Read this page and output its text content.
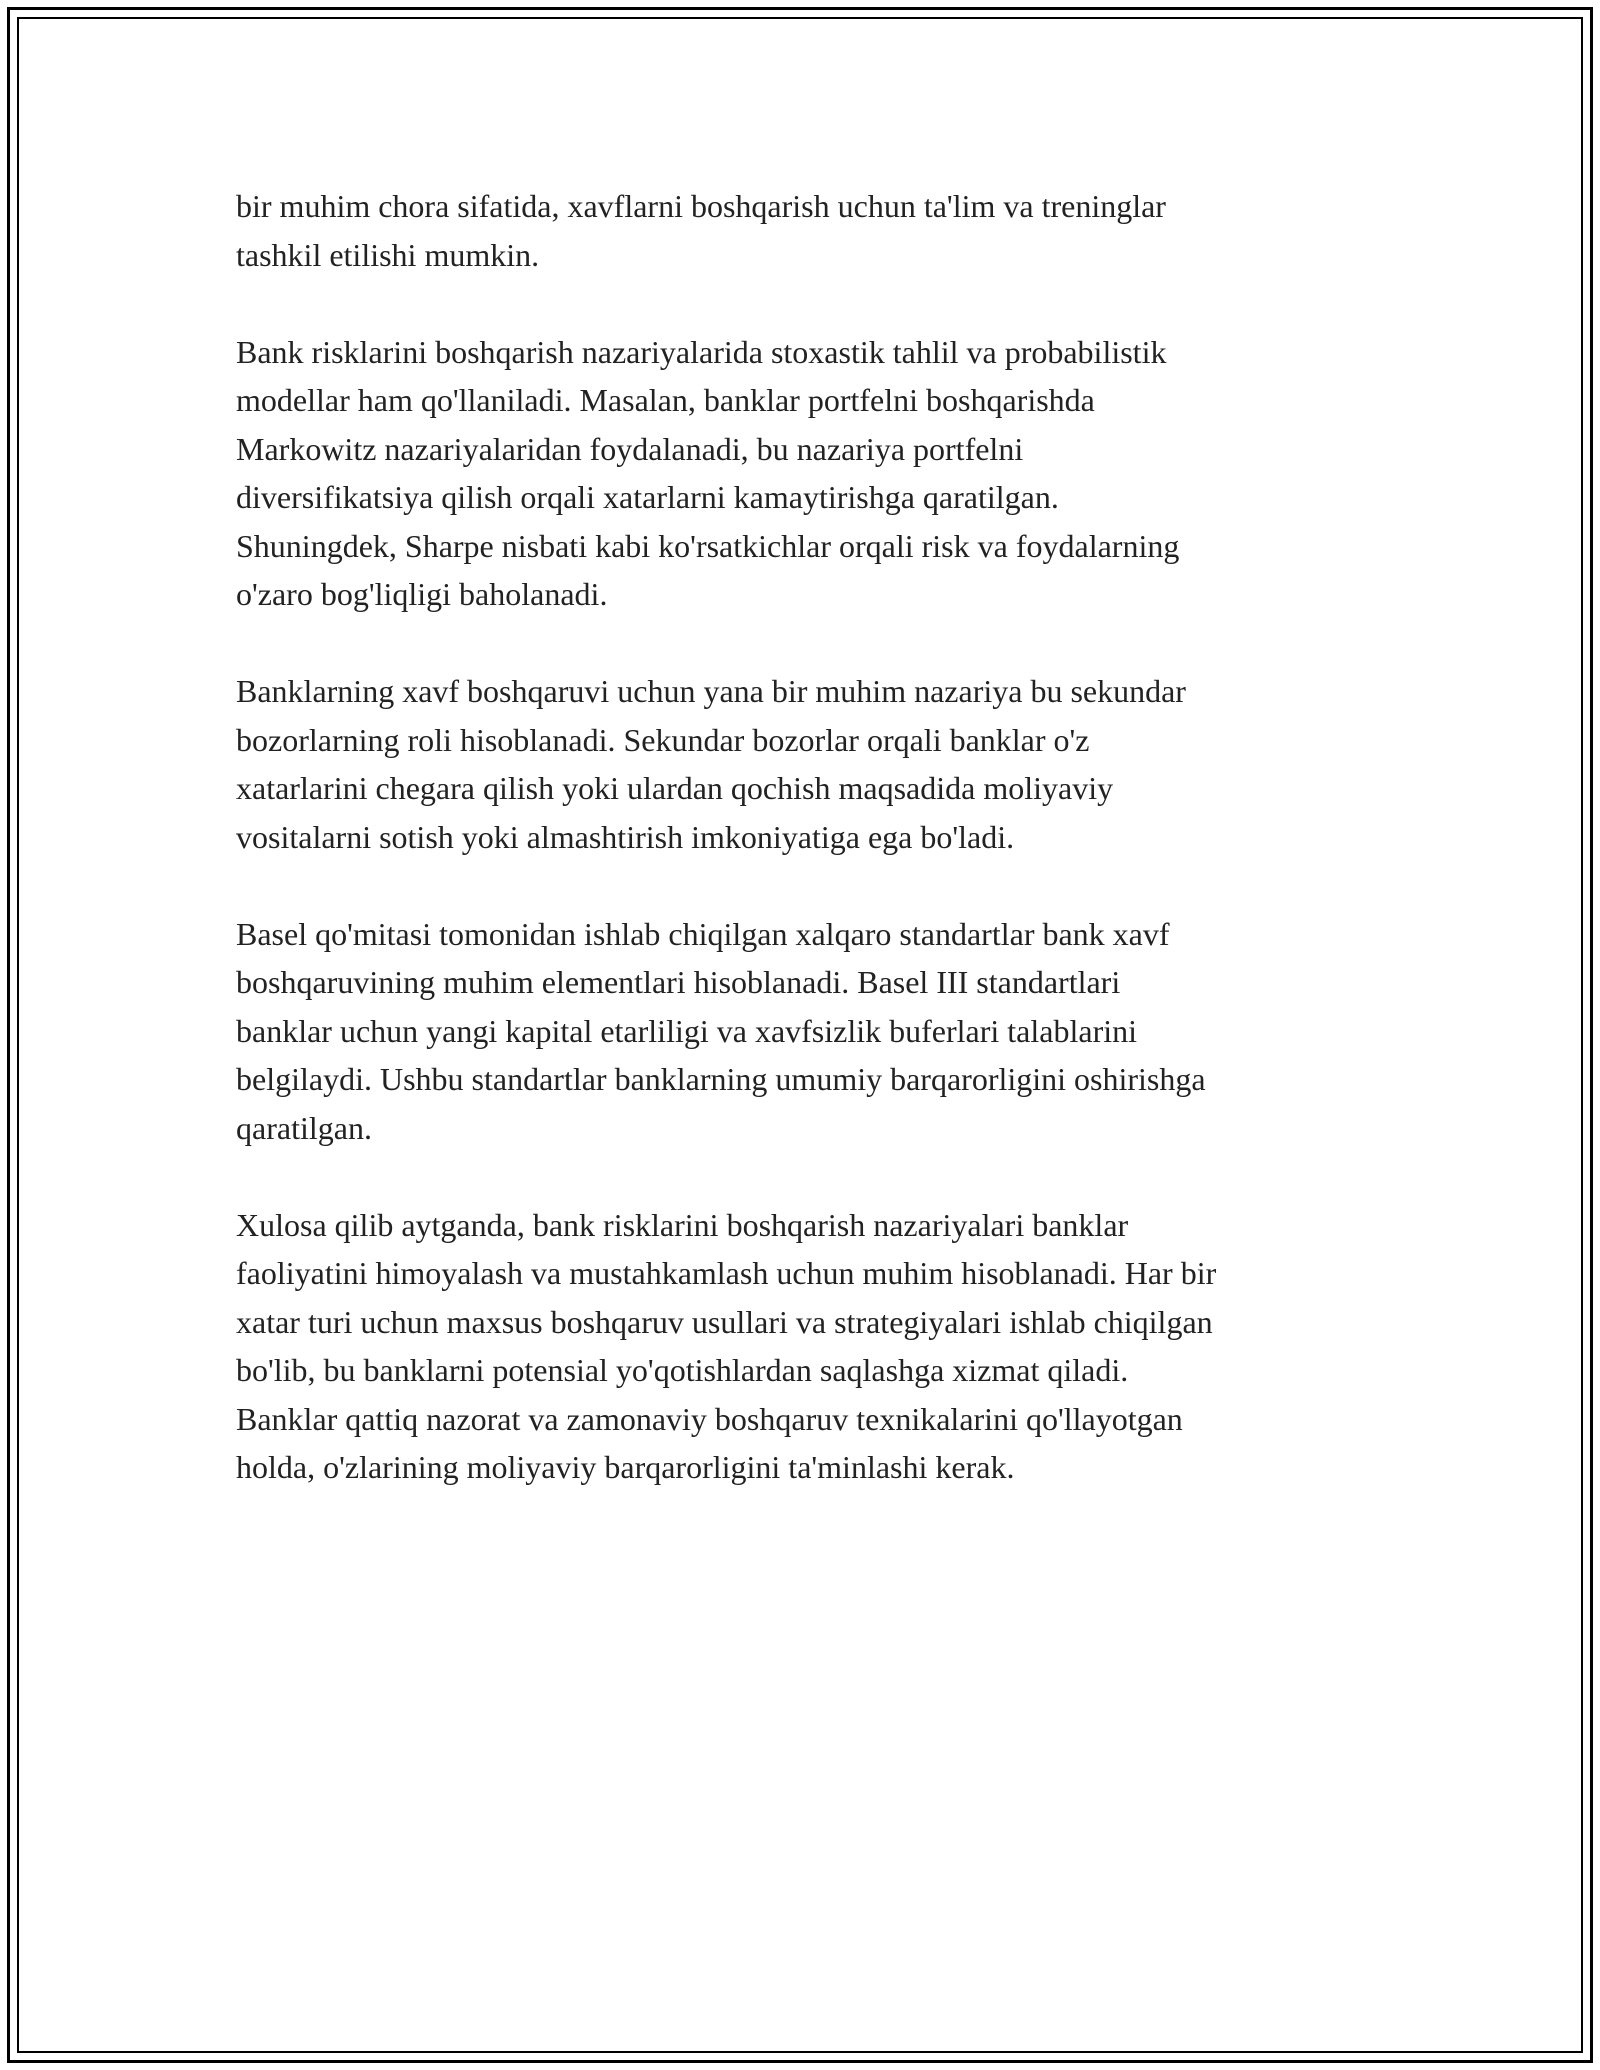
bir muhim chora sifatida, xavflarni boshqarish uchun ta'lim va treninglar
tashkil etilishi mumkin.

Bank risklarini boshqarish nazariyalarida stoxastik tahlil va probabilistik
modellar ham qo'llaniladi. Masalan, banklar portfelni boshqarishda
Markowitz nazariyalaridan foydalanadi, bu nazariya portfelni
diversifikatsiya qilish orqali xatarlarni kamaytirishga qaratilgan.
Shuningdek, Sharpe nisbati kabi ko'rsatkichlar orqali risk va foydalarning
o'zaro bog'liqligi baholanadi.

Banklarning xavf boshqaruvi uchun yana bir muhim nazariya bu sekundar
bozorlarning roli hisoblanadi. Sekundar bozorlar orqali banklar o'z
xatarlarini chegara qilish yoki ulardan qochish maqsadida moliyaviy
vositalarni sotish yoki almashtirish imkoniyatiga ega bo'ladi.

Basel qo'mitasi tomonidan ishlab chiqilgan xalqaro standartlar bank xavf
boshqaruvining muhim elementlari hisoblanadi. Basel III standartlari
banklar uchun yangi kapital etarliligi va xavfsizlik buferlari talablarini
belgilaydi. Ushbu standartlar banklarning umumiy barqarorligini oshirishga
qaratilgan.

Xulosa qilib aytganda, bank risklarini boshqarish nazariyalari banklar
faoliyatini himoyalash va mustahkamlash uchun muhim hisoblanadi. Har bir
xatar turi uchun maxsus boshqaruv usullari va strategiyalari ishlab chiqilgan
bo'lib, bu banklarni potensial yo'qotishlardan saqlashga xizmat qiladi.
Banklar qattiq nazorat va zamonaviy boshqaruv texnikalarini qo'llayotgan
holda, o'zlarining moliyaviy barqarorligini ta'minlashi kerak.
